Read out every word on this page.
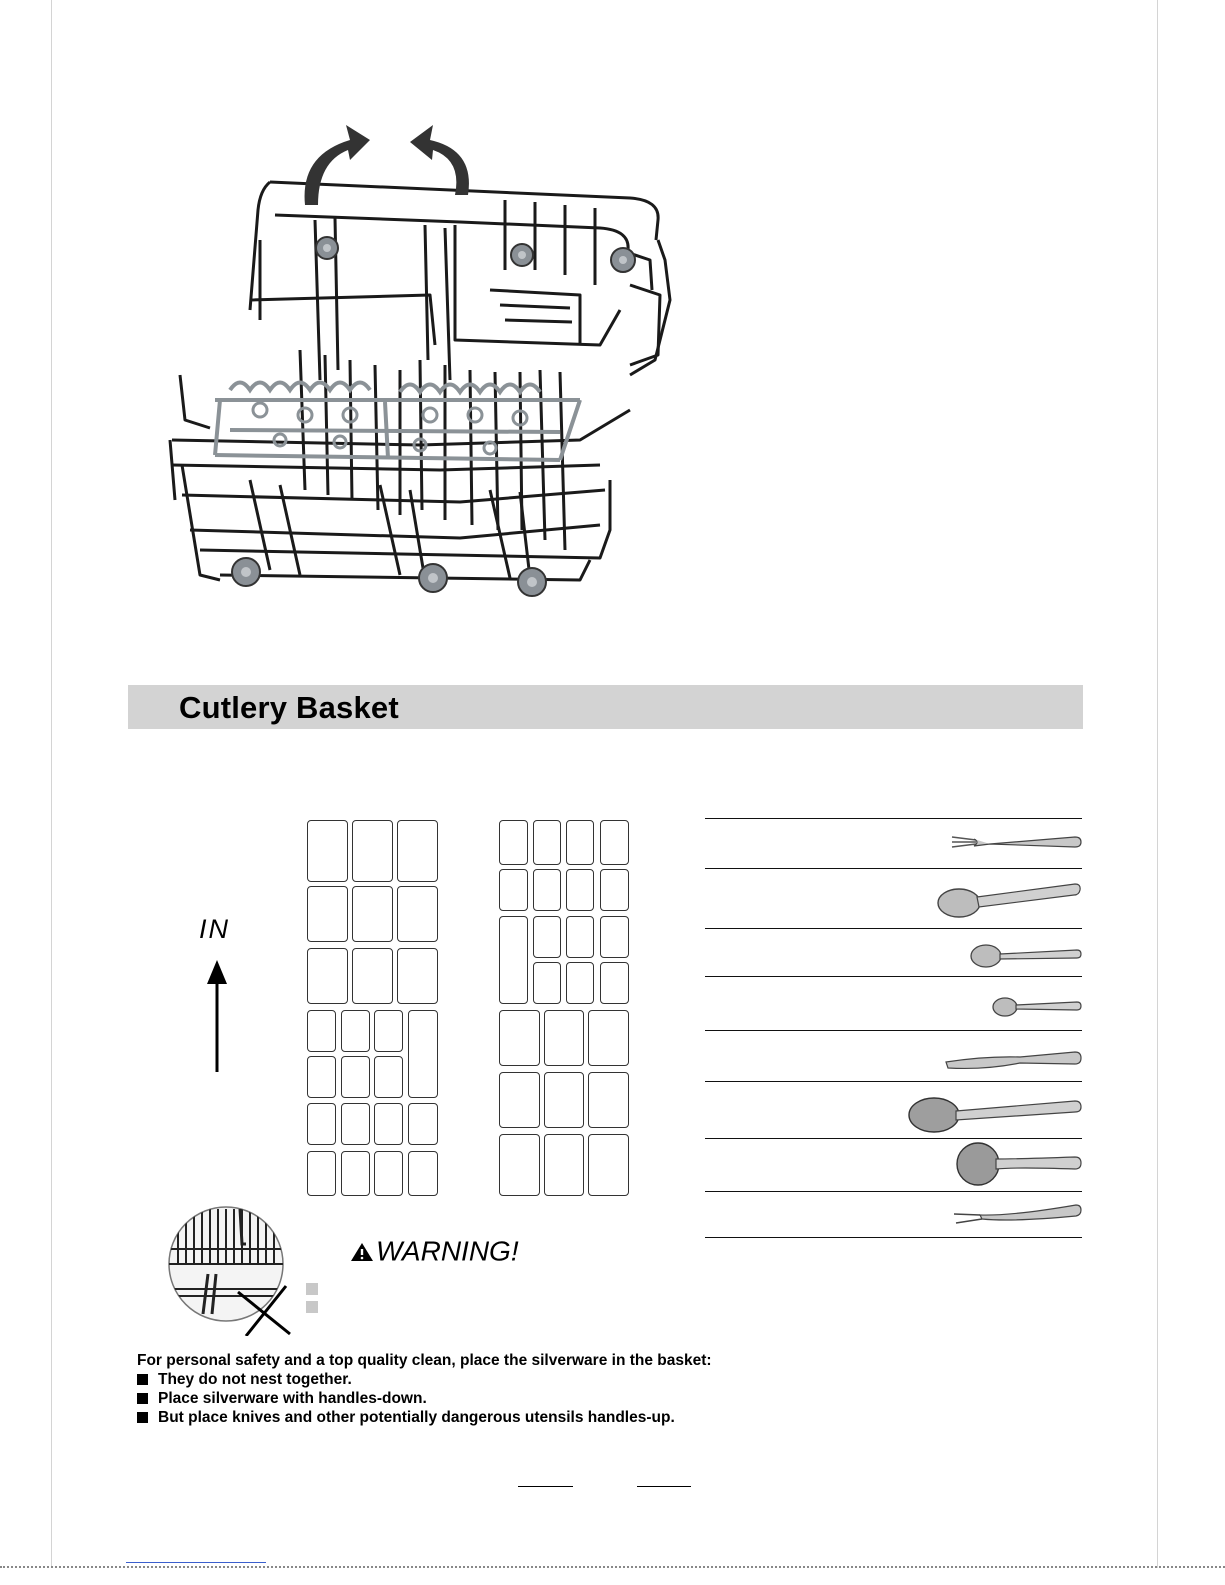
Cutlery Basket
IN
WARNING!
For personal safety and a top quality clean, place the silverware in the basket:
They do not nest together.
Place silverware with handles-down.
But place knives and other potentially dangerous utensils handles-up.
